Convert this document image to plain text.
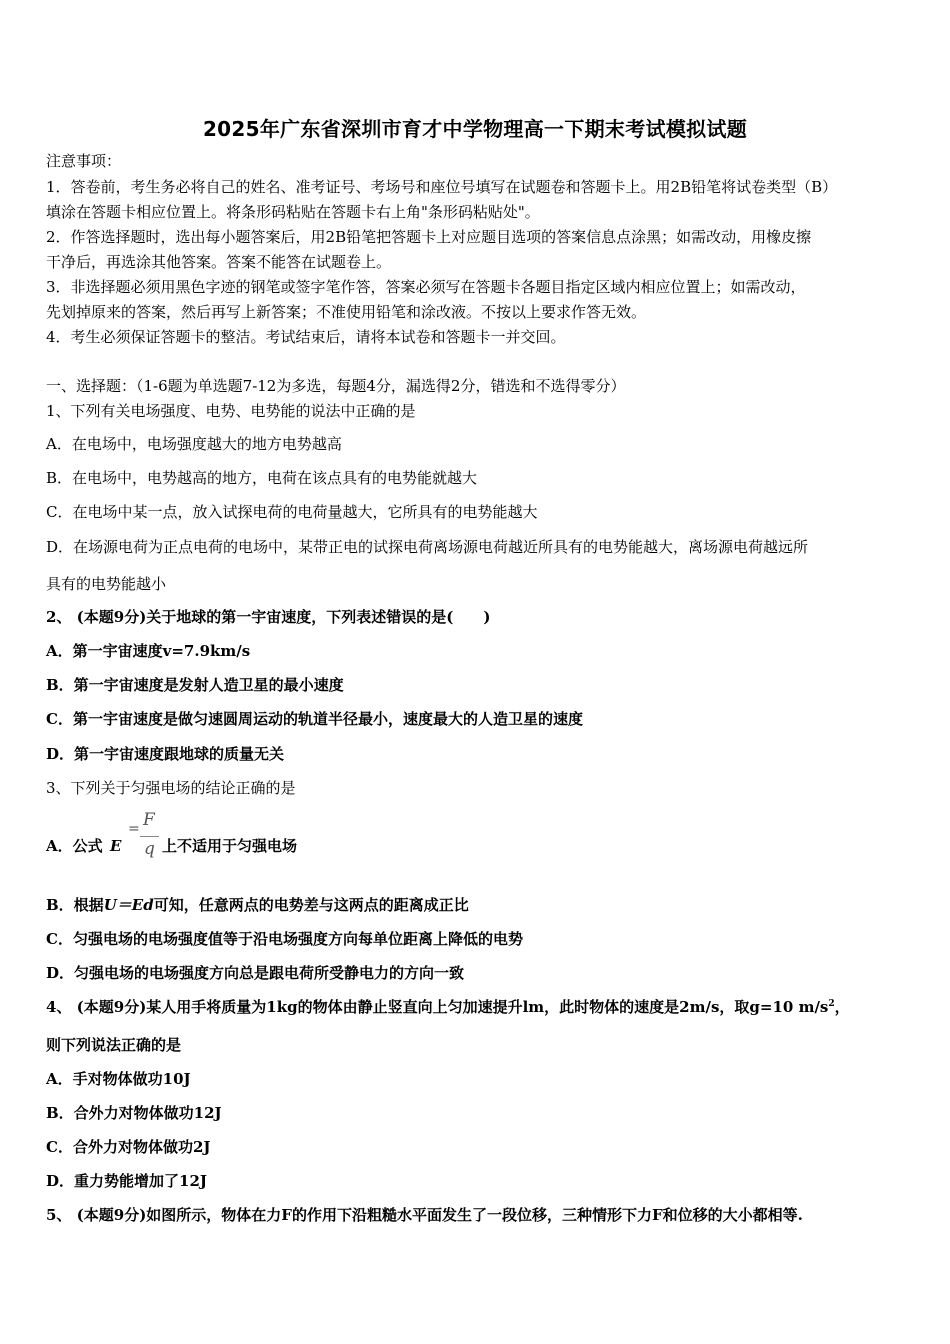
2025年广东省深圳市育才中学物理高一下期末考试模拟试题
注意事项：
1．答卷前，考生务必将自己的姓名、准考证号、考场号和座位号填写在试题卷和答题卡上。用2B铅笔将试卷类型（B）
填涂在答题卡相应位置上。将条形码粘贴在答题卡右上角"条形码粘贴处"。
2．作答选择题时，选出每小题答案后，用2B铅笔把答题卡上对应题目选项的答案信息点涂黑；如需改动，用橡皮擦
干净后，再选涂其他答案。答案不能答在试题卷上。
3．非选择题必须用黑色字迹的钢笔或签字笔作答，答案必须写在答题卡各题目指定区域内相应位置上；如需改动，
先划掉原来的答案，然后再写上新答案；不准使用铅笔和涂改液。不按以上要求作答无效。
4．考生必须保证答题卡的整洁。考试结束后，请将本试卷和答题卡一并交回。
一、选择题：（1-6题为单选题7-12为多选，每题4分，漏选得2分，错选和不选得零分）
1、下列有关电场强度、电势、电势能的说法中正确的是
A．在电场中，电场强度越大的地方电势越高
B．在电场中，电势越高的地方，电荷在该点具有的电势能就越大
C．在电场中某一点，放入试探电荷的电荷量越大，它所具有的电势能越大
D．在场源电荷为正点电荷的电场中，某带正电的试探电荷离场源电荷越近所具有的电势能越大，离场源电荷越远所
具有的电势能越小
2、 (本题9分)关于地球的第一宇宙速度，下列表述错误的是(　　)
A．第一宇宙速度v=7.9km/s
B．第一宇宙速度是发射人造卫星的最小速度
C．第一宇宙速度是做匀速圆周运动的轨道半径最小，速度最大的人造卫星的速度
D．第一宇宙速度跟地球的质量无关
3、下列关于匀强电场的结论正确的是
A．公式 E
= F
q 上不适用于匀强电场
B．根据U＝Ed可知，任意两点的电势差与这两点的距离成正比
C．匀强电场的电场强度值等于沿电场强度方向每单位距离上降低的电势
D．匀强电场的电场强度方向总是跟电荷所受静电力的方向一致
4、 (本题9分)某人用手将质量为1kg的物体由静止竖直向上匀加速提升lm，此时物体的速度是2m/s，取g=10 $m/s^2$，
则下列说法正确的是
A．手对物体做功10J
B．合外力对物体做功12J
C．合外力对物体做功2J
D．重力势能增加了12J
5、 (本题9分)如图所示，物体在力F的作用下沿粗糙水平面发生了一段位移，三种情形下力F和位移的大小都相等.
